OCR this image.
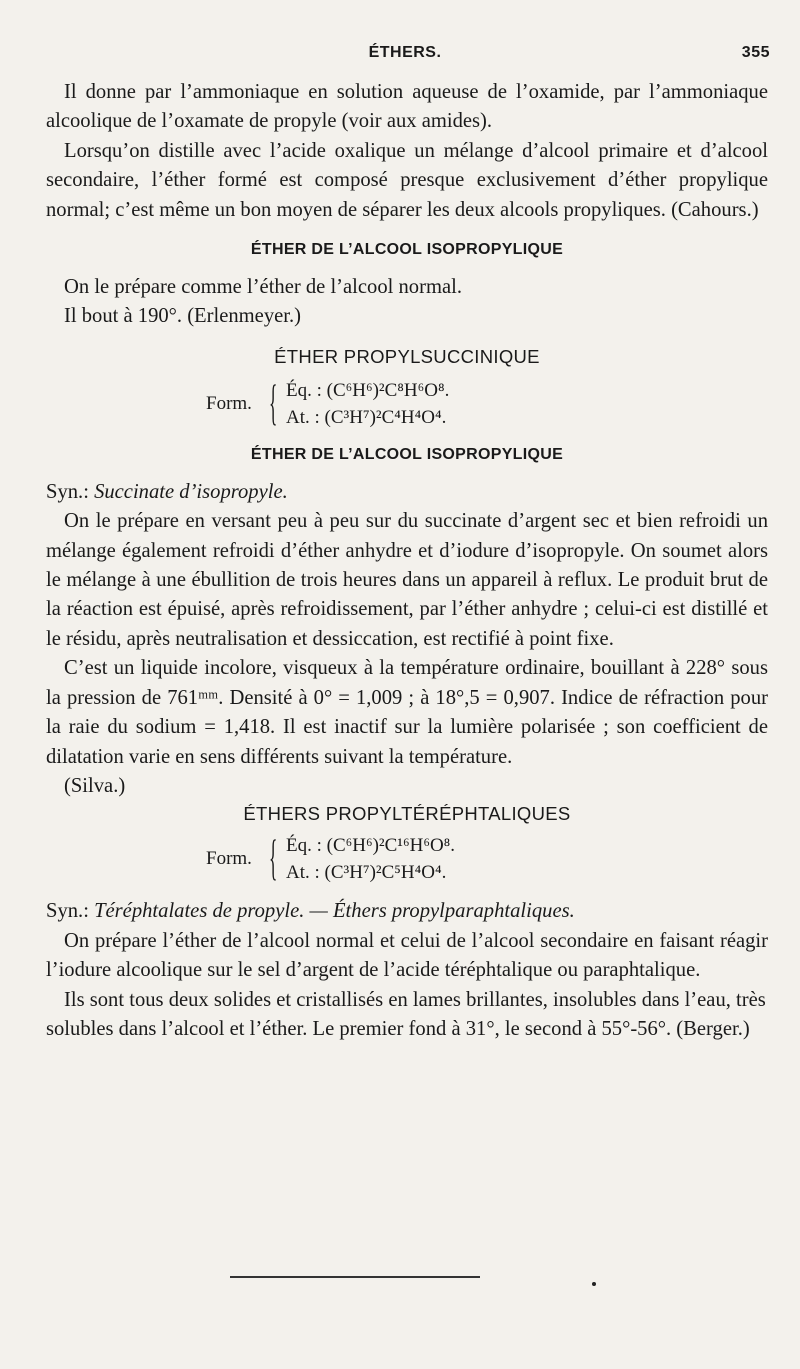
ÉTHERS.	355

Il donne par l’ammoniaque en solution aqueuse de l’oxamide, par l’ammoniaque alcoolique de l’oxamate de propyle (voir aux amides).

Lorsqu’on distille avec l’acide oxalique un mélange d’alcool primaire et d’alcool secondaire, l’éther formé est composé presque exclusivement d’éther propylique normal; c’est même un bon moyen de séparer les deux alcools propyliques. (Cahours.)

ÉTHER DE L’ALCOOL ISOPROPYLIQUE

On le prépare comme l’éther de l’alcool normal.

Il bout à 190°. (Erlenmeyer.)

ÉTHER PROPYLSUCCINIQUE

Form. { Éq. : (C⁶H⁶)²C⁸H⁶O⁸.
At. : (C³H⁷)²C⁴H⁴O⁴.

ÉTHER DE L’ALCOOL ISOPROPYLIQUE

Syn.: Succinate d’isopropyle.

On le prépare en versant peu à peu sur du succinate d’argent sec et bien refroidi un mélange également refroidi d’éther anhydre et d’iodure d’isopropyle. On soumet alors le mélange à une ébullition de trois heures dans un appareil à reflux. Le produit brut de la réaction est épuisé, après refroidissement, par l’éther anhydre ; celui-ci est distillé et le résidu, après neutralisation et dessiccation, est rectifié à point fixe.

C’est un liquide incolore, visqueux à la température ordinaire, bouillant à 228° sous la pression de 761ᵐᵐ. Densité à 0° = 1,009 ; à 18°,5 = 0,907. Indice de réfraction pour la raie du sodium = 1,418. Il est inactif sur la lumière polarisée ; son coefficient de dilatation varie en sens différents suivant la température.

(Silva.)

ÉTHERS PROPYLTÉRÉPHTALIQUES

Form. { Éq. : (C⁶H⁶)²C¹⁶H⁶O⁸.
At. : (C³H⁷)²C⁵H⁴O⁴.

Syn.: Téréphtalates de propyle. — Éthers propylparaphtaliques.

On prépare l’éther de l’alcool normal et celui de l’alcool secondaire en faisant réagir l’iodure alcoolique sur le sel d’argent de l’acide téréphtalique ou paraphtalique.

Ils sont tous deux solides et cristallisés en lames brillantes, insolubles dans l’eau, très solubles dans l’alcool et l’éther. Le premier fond à 31°, le second à 55°-56°. (Berger.)
